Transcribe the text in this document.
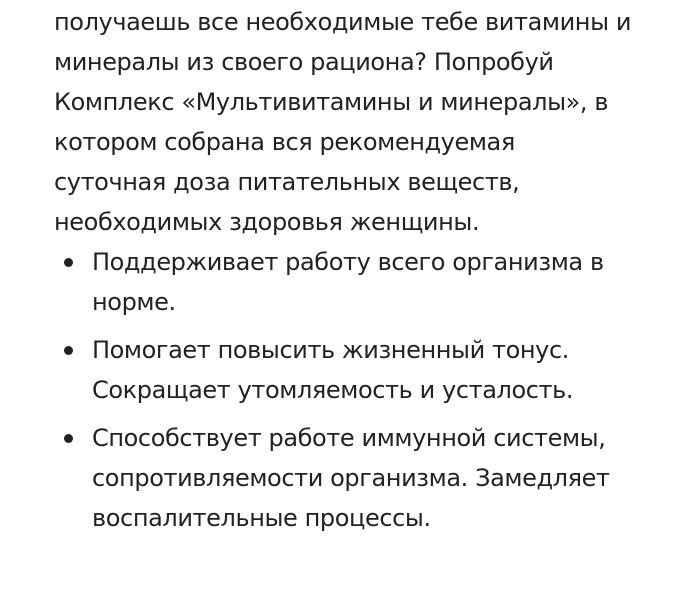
получаешь все необходимые тебе витамины и
минералы из своего рациона? Попробуй
Комплекс «Мультивитамины и минералы», в
котором собрана вся рекомендуемая
суточная доза питательных веществ,
необходимых здоровья женщины.
Поддерживает работу всего организма в
норме.
Помогает повысить жизненный тонус.
Сокращает утомляемость и усталость.
Способствует работе иммунной системы,
сопротивляемости организма. Замедляет
воспалительные процессы.
